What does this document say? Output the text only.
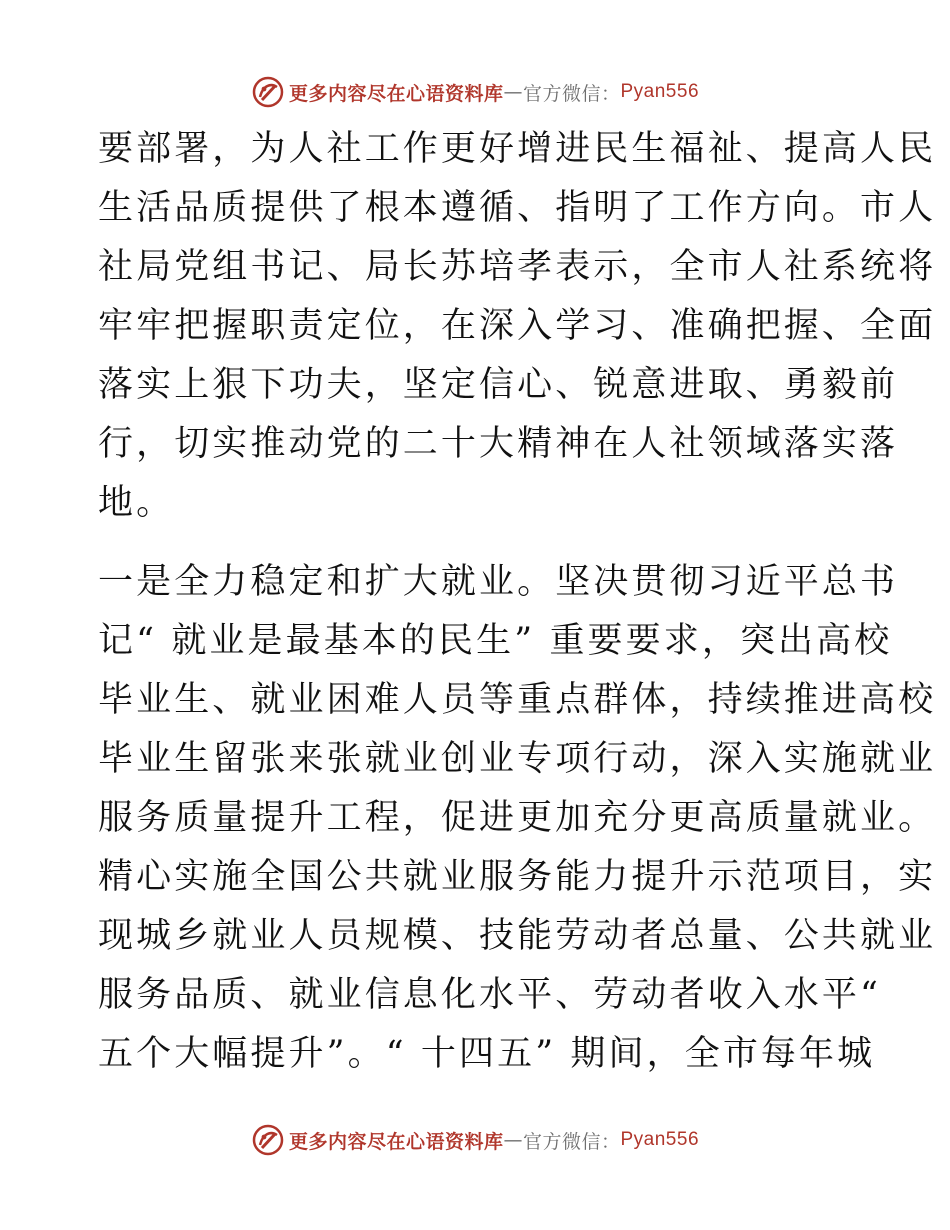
更多内容尽在心语资料库 — 官方微信： Pyan556
要部署，为人社工作更好增进民生福祉、提高人民
生活品质提供了根本遵循、指明了工作方向。市人
社局党组书记、局长苏培孝表示，全市人社系统将
牢牢把握职责定位，在深入学习、准确把握、全面
落实上狠下功夫，坚定信心、锐意进取、勇毅前
行，切实推动党的二十大精神在人社领域落实落
地。
一是全力稳定和扩大就业。坚决贯彻习近平总书
记“ 就业是最基本的民生” 重要要求，突出高校
毕业生、就业困难人员等重点群体，持续推进高校
毕业生留张来张就业创业专项行动，深入实施就业
服务质量提升工程，促进更加充分更高质量就业。
精心实施全国公共就业服务能力提升示范项目，实
现城乡就业人员规模、技能劳动者总量、公共就业
服务品质、就业信息化水平、劳动者收入水平“
五个大幅提升”。“ 十四五” 期间，全市每年城
更多内容尽在心语资料库 — 官方微信： Pyan556
